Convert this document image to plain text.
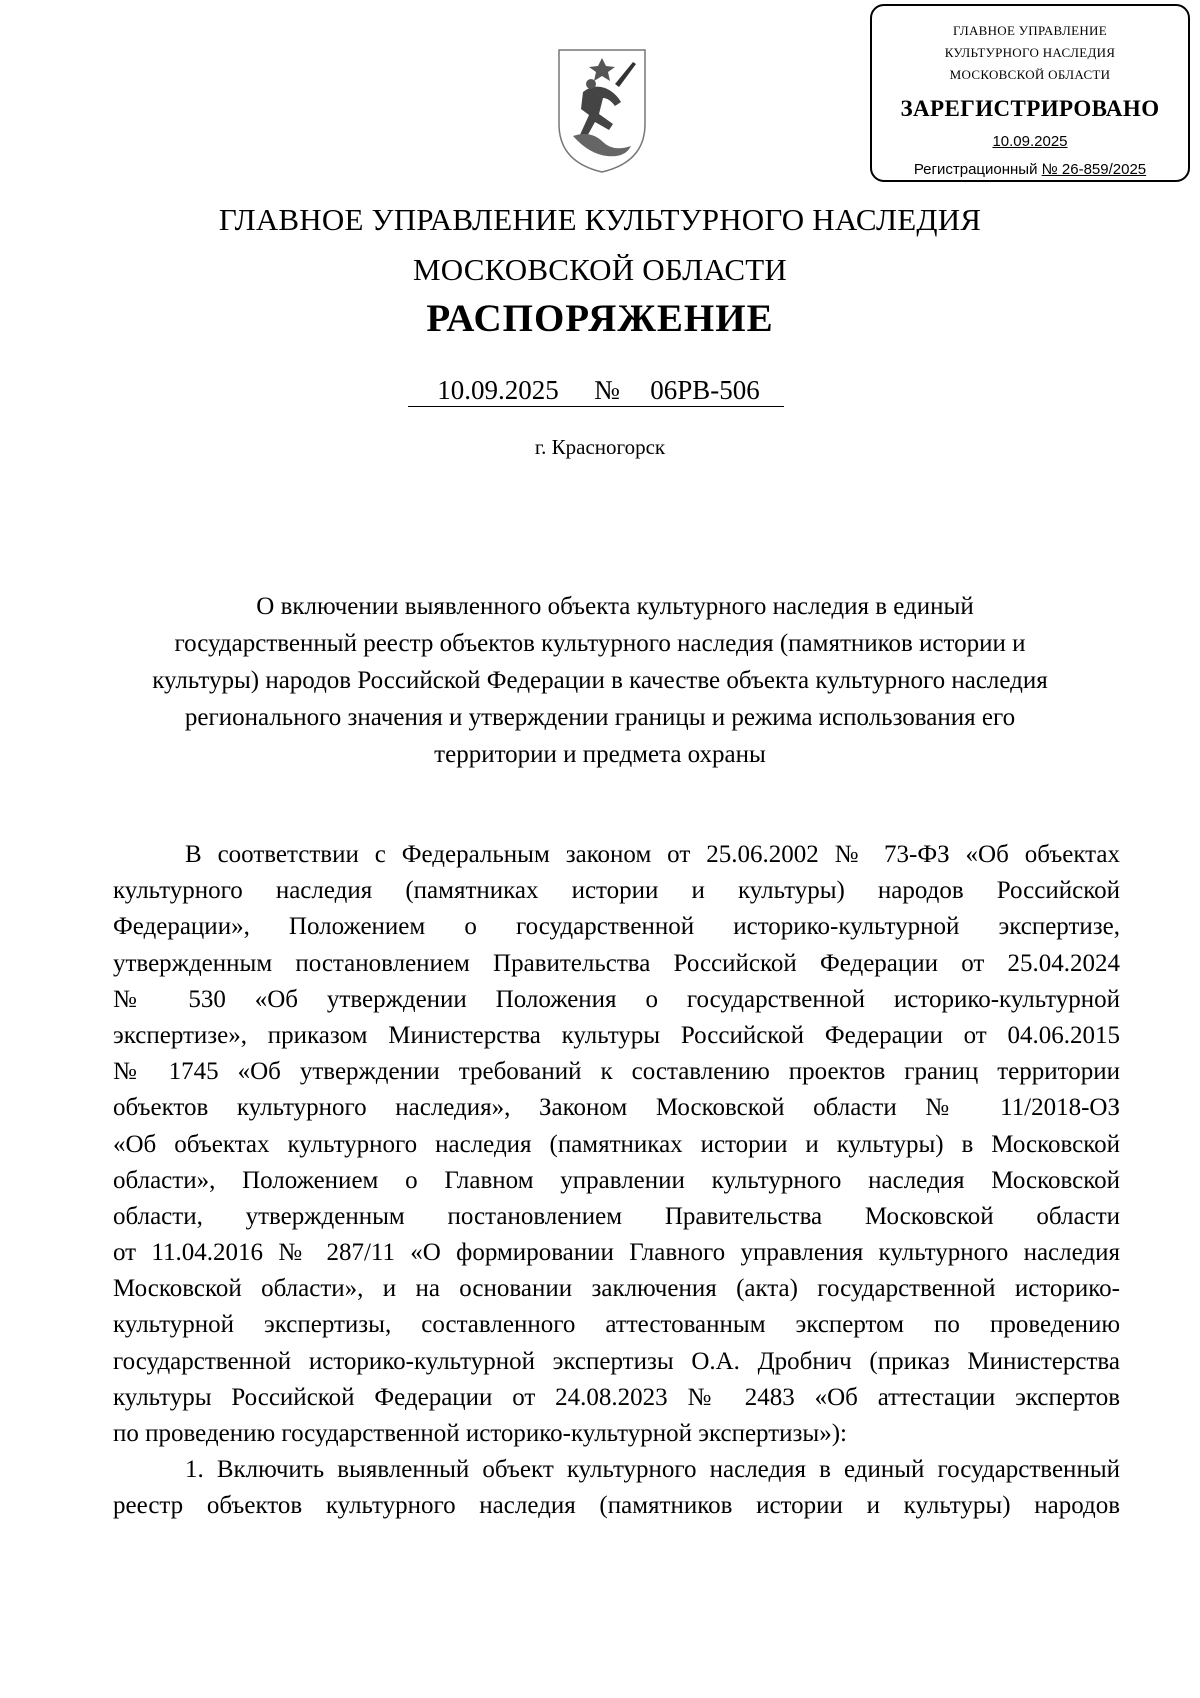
ГЛАВНОЕ УПРАВЛЕНИЕ
КУЛЬТУРНОГО НАСЛЕДИЯ
МОСКОВСКОЙ ОБЛАСТИ
ЗАРЕГИСТРИРОВАНО
10.09.2025
Регистрационный № 26-859/2025
ГЛАВНОЕ УПРАВЛЕНИЕ КУЛЬТУРНОГО НАСЛЕДИЯ
МОСКОВСКОЙ ОБЛАСТИ
РАСПОРЯЖЕНИЕ
10.09.2025	№	06РВ-506
г. Красногорск
О включении выявленного объекта культурного наследия в единый
государственный реестр объектов культурного наследия (памятников истории и
культуры) народов Российской Федерации в качестве объекта культурного наследия
регионального значения и утверждении границы и режима использования его
территории и предмета охраны
В соответствии с Федеральным законом от 25.06.2002 № 73-ФЗ «Об объектах
культурного наследия (памятниках истории и культуры) народов Российской
Федерации», Положением о государственной историко-культурной экспертизе,
утвержденным постановлением Правительства Российской Федерации от 25.04.2024
№ 530 «Об утверждении Положения о государственной историко-культурной
экспертизе», приказом Министерства культуры Российской Федерации от 04.06.2015
№ 1745 «Об утверждении требований к составлению проектов границ территории
объектов культурного наследия», Законом Московской области № 11/2018-ОЗ
«Об объектах культурного наследия (памятниках истории и культуры) в Московской
области», Положением о Главном управлении культурного наследия Московской
области, утвержденным постановлением Правительства Московской области
от 11.04.2016 № 287/11 «О формировании Главного управления культурного наследия
Московской области», и на основании заключения (акта) государственной историко-
культурной экспертизы, составленного аттестованным экспертом по проведению
государственной историко-культурной экспертизы О.А. Дробнич (приказ Министерства
культуры Российской Федерации от 24.08.2023 № 2483 «Об аттестации экспертов
по проведению государственной историко-культурной экспертизы»):
1. Включить выявленный объект культурного наследия в единый государственный
реестр объектов культурного наследия (памятников истории и культуры) народов
